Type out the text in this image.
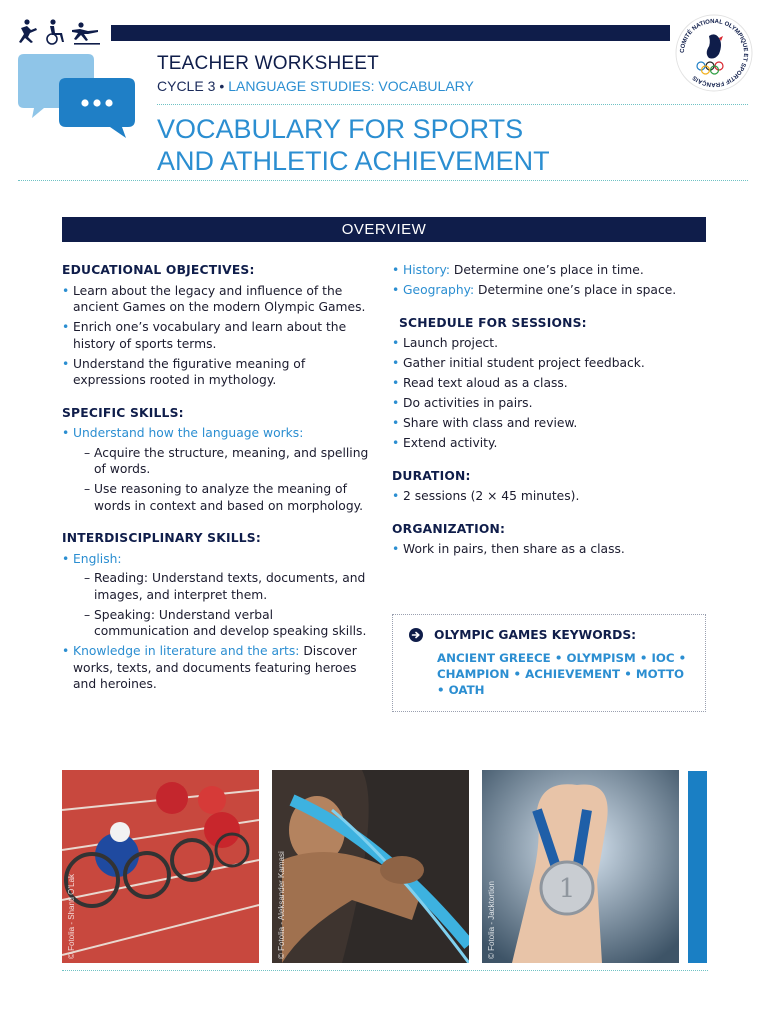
TEACHER WORKSHEET
CYCLE 3 • LANGUAGE STUDIES: VOCABULARY
VOCABULARY FOR SPORTS
AND ATHLETIC ACHIEVEMENT
COMITÉ NATIONAL OLYMPIQUE ET SPORTIF FRANÇAIS
OVERVIEW

EDUCATIONAL OBJECTIVES:

• Learn about the legacy and influence of the ancient Games on the modern Olympic Games.
• Enrich one’s vocabulary and learn about the history of sports terms.
• Understand the figurative meaning of expressions rooted in mythology.

SPECIFIC SKILLS:

• Understand how the language works:
– Acquire the structure, meaning, and spelling of words.
– Use reasoning to analyze the meaning of words in context and based on morphology.

INTERDISCIPLINARY SKILLS:

• English:
– Reading: Understand texts, documents, and images, and interpret them.
– Speaking: Understand verbal communication and develop speaking skills.
• Knowledge in literature and the arts: Discover works, texts, and documents featuring heroes and heroines.
• History: Determine one’s place in time.
• Geography: Determine one’s place in space.

SCHEDULE FOR SESSIONS:

• Launch project.
• Gather initial student project feedback.
• Read text aloud as a class.
• Do activities in pairs.
• Share with class and review.
• Extend activity.

DURATION:

• 2 sessions (2 × 45 minutes).

ORGANIZATION:

• Work in pairs, then share as a class.
OLYMPIC GAMES KEYWORDS:
ANCIENT GREECE • OLYMPISM • IOC • CHAMPION • ACHIEVEMENT • MOTTO • OATH
© Fotolia - Shanti O’Lak	© Fotolia - Aleksander Kamasi	1
© Fotolia - Jacktortion
